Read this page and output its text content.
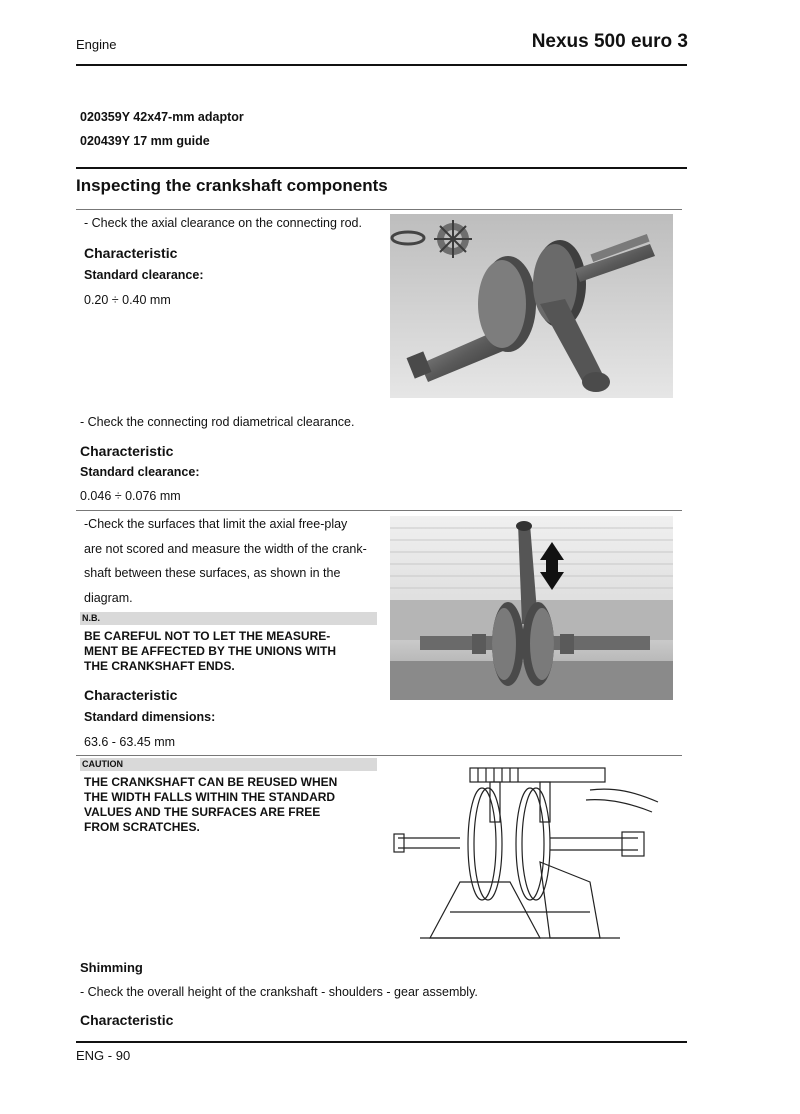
Engine	Nexus 500 euro 3
020359Y 42x47-mm adaptor
020439Y 17 mm guide
Inspecting the crankshaft components
- Check the axial clearance on the connecting rod.
Characteristic
Standard clearance:
0.20 ÷ 0.40 mm
- Check the connecting rod diametrical clearance.
Characteristic
Standard clearance:
0.046 ÷ 0.076 mm
-Check the surfaces that limit the axial free-play
are not scored and measure the width of the crank-
shaft between these surfaces, as shown in the
diagram.
N.B.
BE CAREFUL NOT TO LET THE MEASURE-
MENT BE AFFECTED BY THE UNIONS WITH
THE CRANKSHAFT ENDS.
Characteristic
Standard dimensions:
63.6 - 63.45 mm
CAUTION
THE CRANKSHAFT CAN BE REUSED WHEN
THE WIDTH FALLS WITHIN THE STANDARD
VALUES AND THE SURFACES ARE FREE
FROM SCRATCHES.
Shimming
- Check the overall height of the crankshaft - shoulders - gear assembly.
Characteristic
ENG - 90
